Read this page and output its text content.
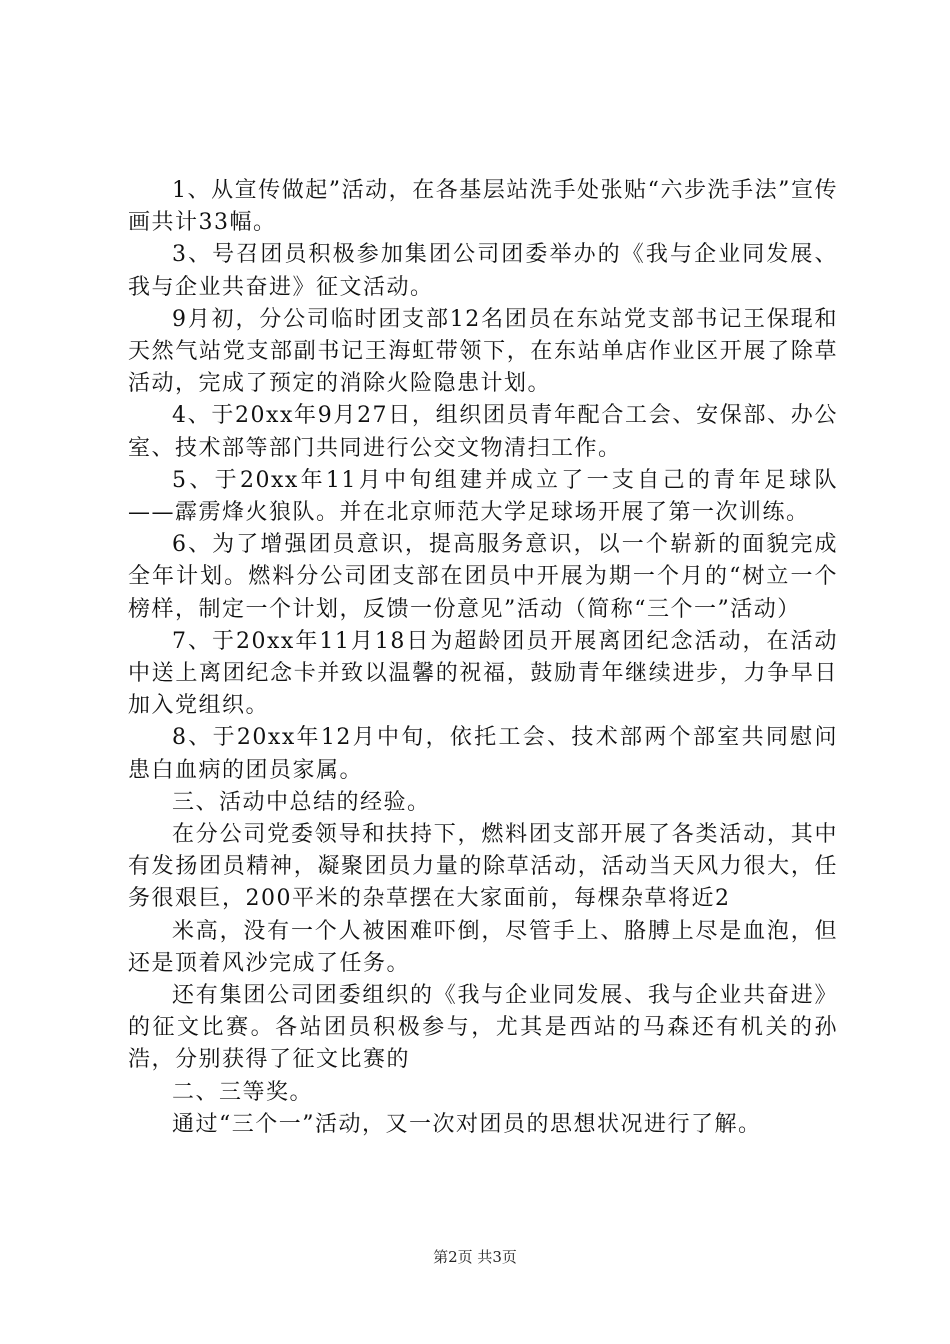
1、从宣传做起”活动，在各基层站洗手处张贴“六步洗手法”宣传画共计33幅。

3、号召团员积极参加集团公司团委举办的《我与企业同发展、我与企业共奋进》征文活动。

9月初，分公司临时团支部12名团员在东站党支部书记王保琨和天然气站党支部副书记王海虹带领下，在东站单店作业区开展了除草活动，完成了预定的消除火险隐患计划。

4、于20xx年9月27日，组织团员青年配合工会、安保部、办公室、技术部等部门共同进行公交文物清扫工作。

5、于20xx年11月中旬组建并成立了一支自己的青年足球队——霹雳烽火狼队。并在北京师范大学足球场开展了第一次训练。

6、为了增强团员意识，提高服务意识，以一个崭新的面貌完成全年计划。燃料分公司团支部在团员中开展为期一个月的“树立一个榜样，制定一个计划，反馈一份意见”活动（简称“三个一”活动）

7、于20xx年11月18日为超龄团员开展离团纪念活动，在活动中送上离团纪念卡并致以温馨的祝福，鼓励青年继续进步，力争早日加入党组织。

8、于20xx年12月中旬，依托工会、技术部两个部室共同慰问患白血病的团员家属。

三、活动中总结的经验。

在分公司党委领导和扶持下，燃料团支部开展了各类活动，其中有发扬团员精神，凝聚团员力量的除草活动，活动当天风力很大，任务很艰巨，200平米的杂草摆在大家面前，每棵杂草将近2

米高，没有一个人被困难吓倒，尽管手上、胳膊上尽是血泡，但还是顶着风沙完成了任务。

还有集团公司团委组织的《我与企业同发展、我与企业共奋进》的征文比赛。各站团员积极参与，尤其是西站的马森还有机关的孙浩，分别获得了征文比赛的

二、三等奖。

通过“三个一”活动，又一次对团员的思想状况进行了解。

第2页 共3页
